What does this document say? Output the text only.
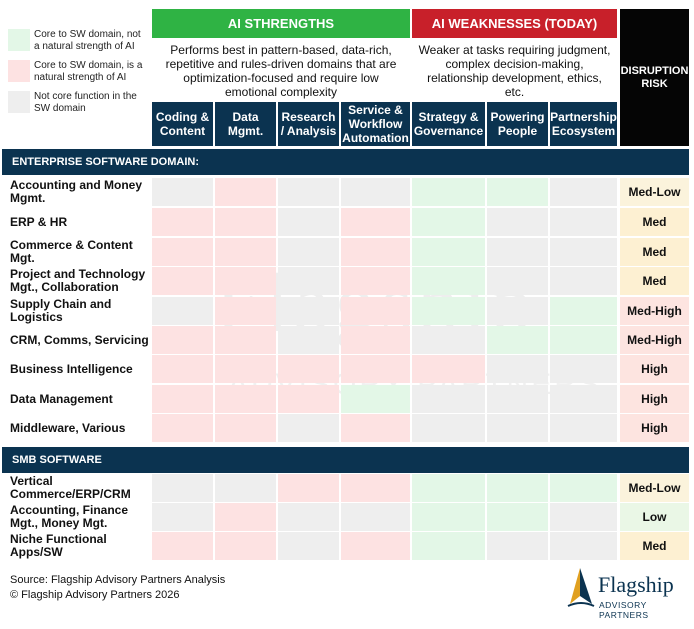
Core to SW domain, not a natural strength of AI
Core to SW domain, is a natural strength of AI
Not core function in the SW domain
AI STHRENGTHS	AI WEAKNESSES (TODAY)
DISRUPTION RISK
Performs best in pattern-based, data-rich, repetitive and rules-driven domains that are optimization-focused and require low emotional complexity
Weaker at tasks requiring judgment, complex decision-making, relationship development, ethics, etc.
Coding & Content
Data Mgmt.
Research / Analysis
Service & Workflow Automation
Strategy & Governance
Powering People
Partnership Ecosystem
ENTERPRISE SOFTWARE DOMAIN:
Accounting and Money Mgmt.	Med-Low
ERP & HR	Med
Commerce & Content Mgt.	Med
Project and Technology Mgt., Collaboration	Med
Supply Chain and Logistics	Med-High
CRM, Comms, Servicing	Med-High
Business Intelligence	High
Data Management	High
Middleware, Various	High
SMB SOFTWARE
Vertical Commerce/ERP/CRM	Med-Low
Accounting, Finance Mgt., Money Mgt.	Low
Niche Functional Apps/SW	Med
Source: Flagship Advisory Partners Analysis
© Flagship Advisory Partners 2026	Flagship
ADVISORY PARTNERS
